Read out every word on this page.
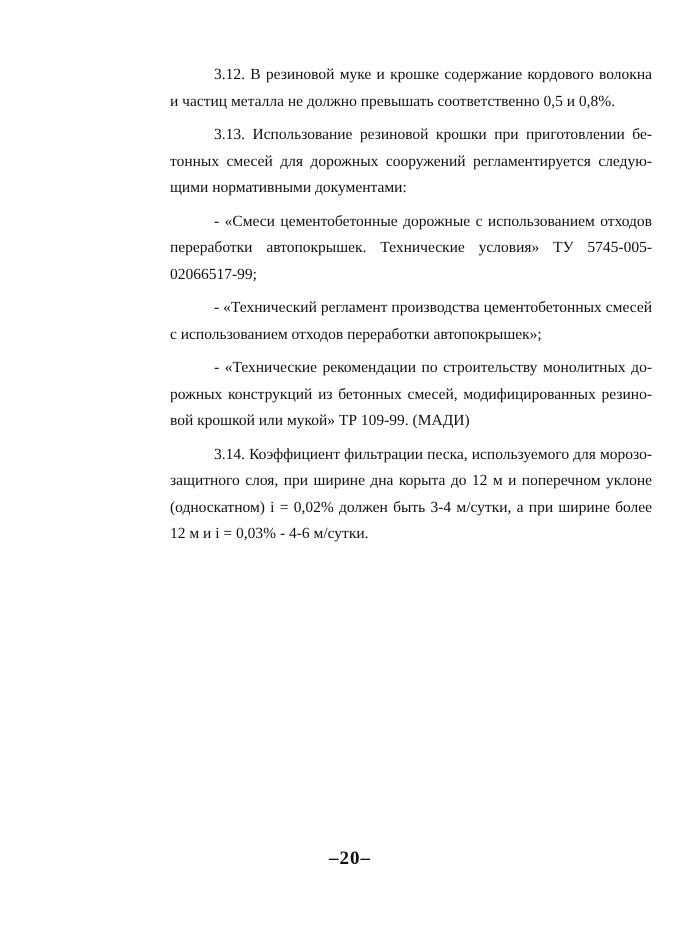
3.12. В резиновой муке и крошке содержание кордового волокна и частиц металла не должно превышать соответственно 0,5 и 0,8%.

3.13. Использование резиновой крошки при приготовлении бетонных смесей для дорожных сооружений регламентируется следующими нормативными документами:

- «Смеси цементобетонные дорожные с использованием отходов переработки автопокрышек. Технические условия» ТУ 5745-005-02066517-99;

- «Технический регламент производства цементобетонных смесей с использованием отходов переработки автопокрышек»;

- «Технические рекомендации по строительству монолитных дорожных конструкций из бетонных смесей, модифицированных резиновой крошкой или мукой» ТР 109-99. (МАДИ)

3.14. Коэффициент фильтрации песка, используемого для морозозащитного слоя, при ширине дна корыта до 12 м и поперечном уклоне (односкатном) i = 0,02% должен быть 3-4 м/сутки, а при ширине более 12 м и i = 0,03% - 4-6 м/сутки.

–20–
